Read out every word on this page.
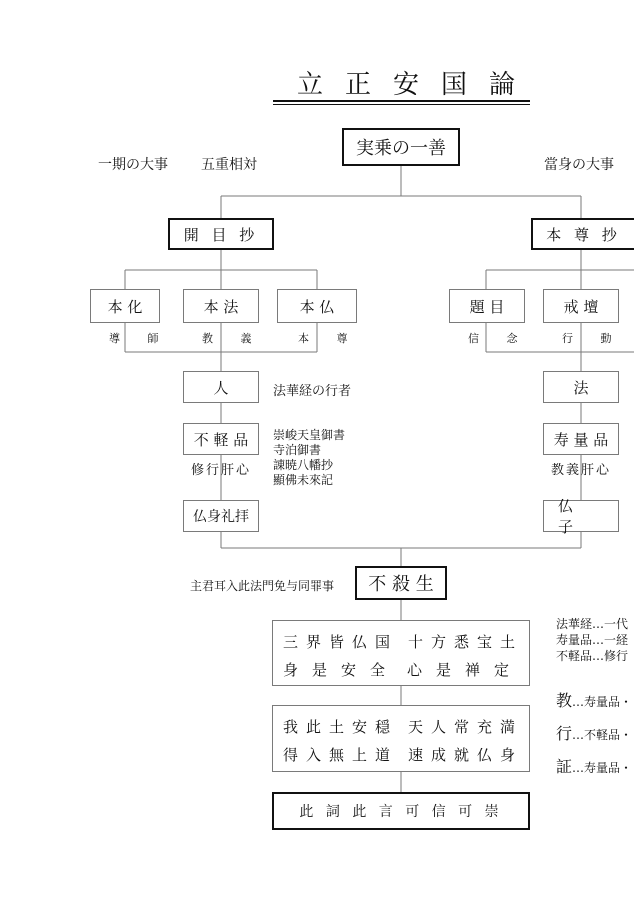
立正安国論
実乗の一善
一期の大事 五重相対	當身の大事
開 目 抄
本 化	本 法	本 仏
導 師	教 義	本 尊
人	法華経の行者
不 軽 品
修行肝心
崇峻天皇御書
寺泊御書
諌暁八幡抄
顯佛未來記
仏身礼拝
本 尊 抄
題 目	戒 壇
信 念	行 動
法
寿 量 品
教義肝心
仏 子
主君耳入此法門免与同罪事	不 殺 生
三界皆仏国 十方悉宝土
身是安全 心是禅定
我此土安穏 天人常充満
得入無上道 速成就仏身
此 詞 此 言 可 信 可 崇
法華経…一代
寿量品…一経
不軽品…修行
教…寿量品・
行…不軽品・
証…寿量品・
